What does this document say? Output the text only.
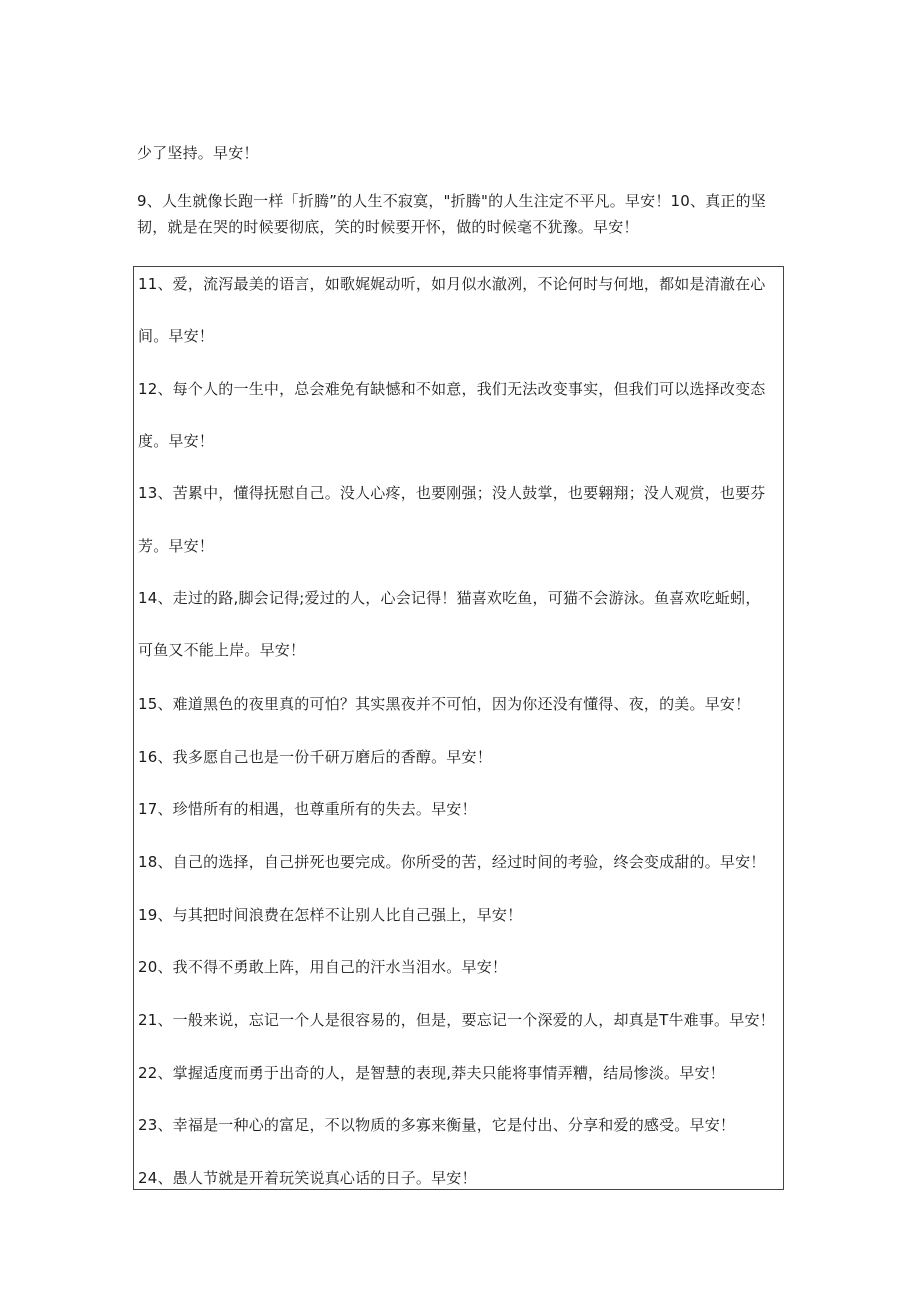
少了坚持。早安！

9、人生就像长跑一样「折腾”的人生不寂寞，"折腾"的人生注定不平凡。早安！10、真正的坚

韧，就是在哭的时候要彻底，笑的时候要开怀，做的时候毫不犹豫。早安！

11、爱，流泻最美的语言，如歌娓娓动听，如月似水澈冽，不论何时与何地，都如是清澈在心
间。早安！
12、每个人的一生中，总会难免有缺憾和不如意，我们无法改变事实，但我们可以选择改变态
度。早安！
13、苦累中，懂得抚慰自己。没人心疼，也要刚强；没人鼓掌，也要翱翔；没人观赏，也要芬
芳。早安！
14、走过的路,脚会记得;爱过的人，心会记得！猫喜欢吃鱼，可猫不会游泳。鱼喜欢吃蚯蚓，
可鱼又不能上岸。早安！
15、难道黑色的夜里真的可怕？其实黑夜并不可怕，因为你还没有懂得、夜，的美。早安！
16、我多愿自己也是一份千研万磨后的香醇。早安！
17、珍惜所有的相遇，也尊重所有的失去。早安！
18、自己的选择，自己拼死也要完成。你所受的苦，经过时间的考验，终会变成甜的。早安！
19、与其把时间浪费在怎样不让别人比自己强上，早安！
20、我不得不勇敢上阵，用自己的汗水当泪水。早安！
21、一般来说，忘记一个人是很容易的，但是，要忘记一个深爱的人，却真是T牛难事。早安！
22、掌握适度而勇于出奇的人，是智慧的表现,莽夫只能将事情弄糟，结局惨淡。早安！
23、幸福是一种心的富足，不以物质的多寡来衡量，它是付出、分享和爱的感受。早安！
24、愚人节就是开着玩笑说真心话的日子。早安！
